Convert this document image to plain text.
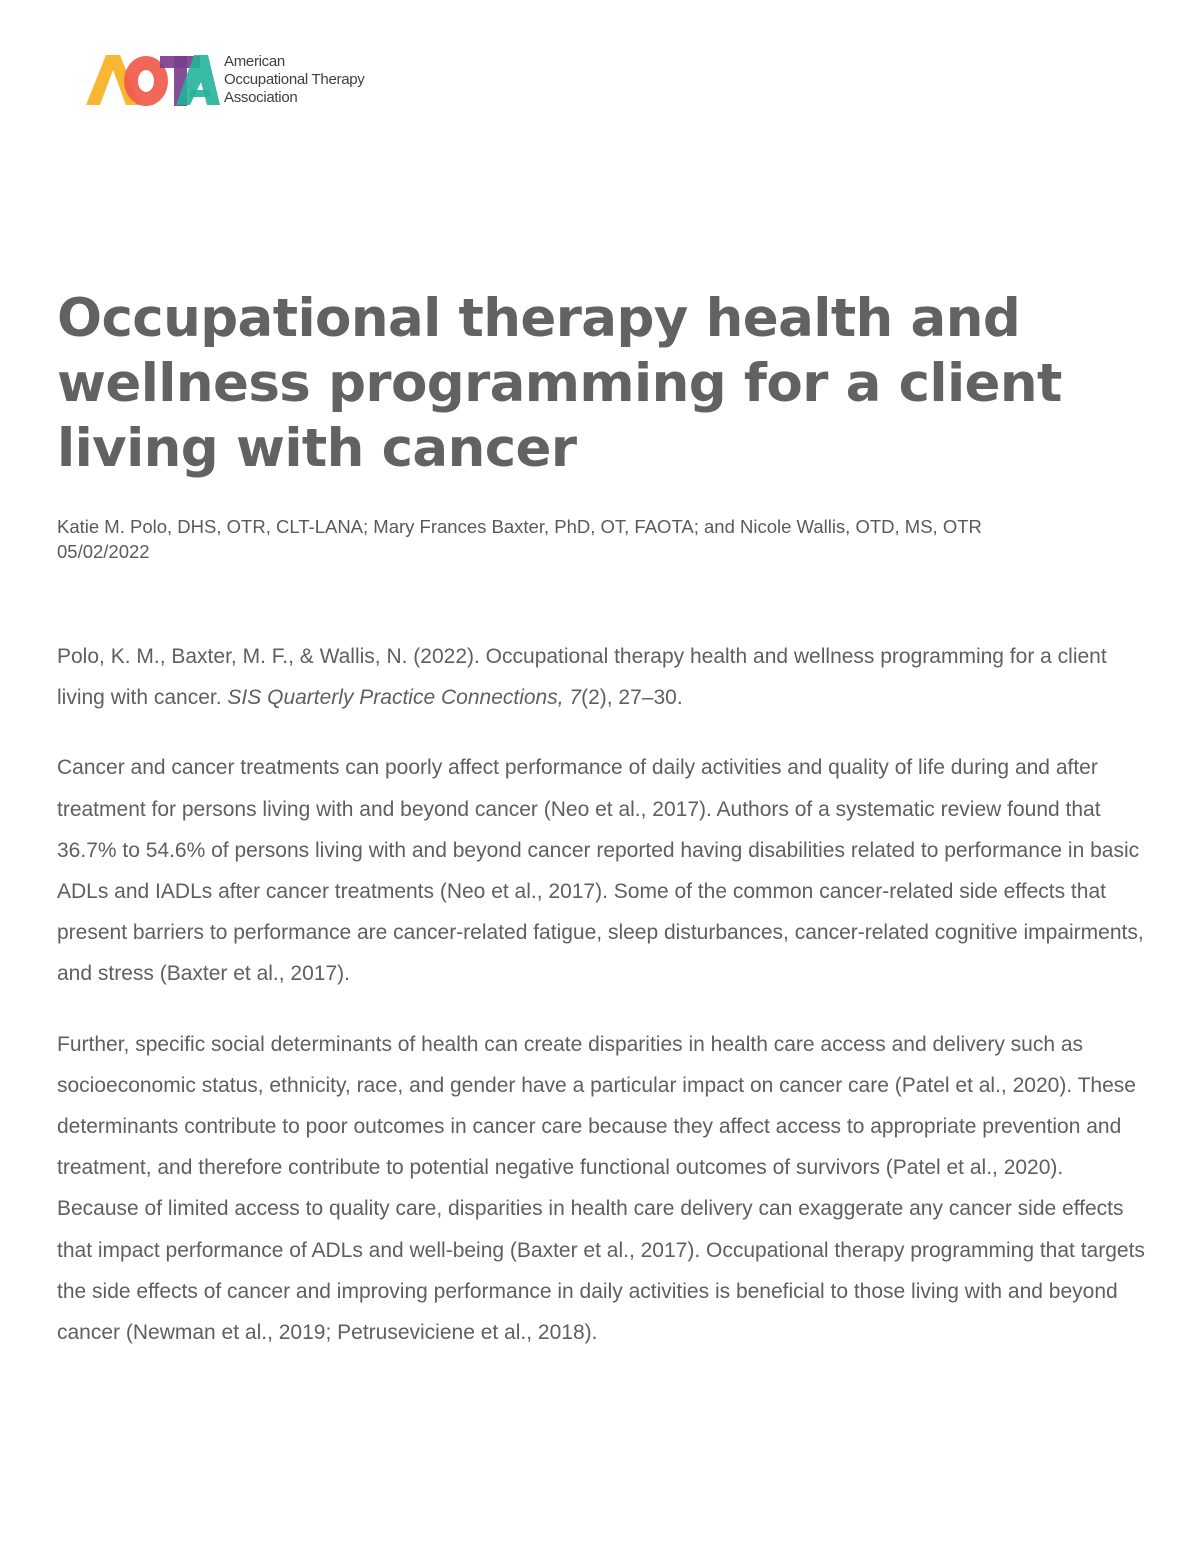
American
Occupational Therapy
Association
Occupational therapy health and wellness programming for a client living with cancer
Katie M. Polo, DHS, OTR, CLT-LANA; Mary Frances Baxter, PhD, OT, FAOTA; and Nicole Wallis, OTD, MS, OTR
05/02/2022

Polo, K. M., Baxter, M. F., & Wallis, N. (2022). Occupational therapy health and wellness programming for a client living with cancer. SIS Quarterly Practice Connections, 7(2), 27–30.

Cancer and cancer treatments can poorly affect performance of daily activities and quality of life during and after treatment for persons living with and beyond cancer (Neo et al., 2017). Authors of a systematic review found that 36.7% to 54.6% of persons living with and beyond cancer reported having disabilities related to performance in basic ADLs and IADLs after cancer treatments (Neo et al., 2017). Some of the common cancer-related side effects that present barriers to performance are cancer-related fatigue, sleep disturbances, cancer-related cognitive impairments, and stress (Baxter et al., 2017).

Further, specific social determinants of health can create disparities in health care access and delivery such as socioeconomic status, ethnicity, race, and gender have a particular impact on cancer care (Patel et al., 2020). These determinants contribute to poor outcomes in cancer care because they affect access to appropriate prevention and treatment, and therefore contribute to potential negative functional outcomes of survivors (Patel et al., 2020). Because of limited access to quality care, disparities in health care delivery can exaggerate any cancer side effects that impact performance of ADLs and well-being (Baxter et al., 2017). Occupational therapy programming that targets the side effects of cancer and improving performance in daily activities is beneficial to those living with and beyond cancer (Newman et al., 2019; Petruseviciene et al., 2018).
